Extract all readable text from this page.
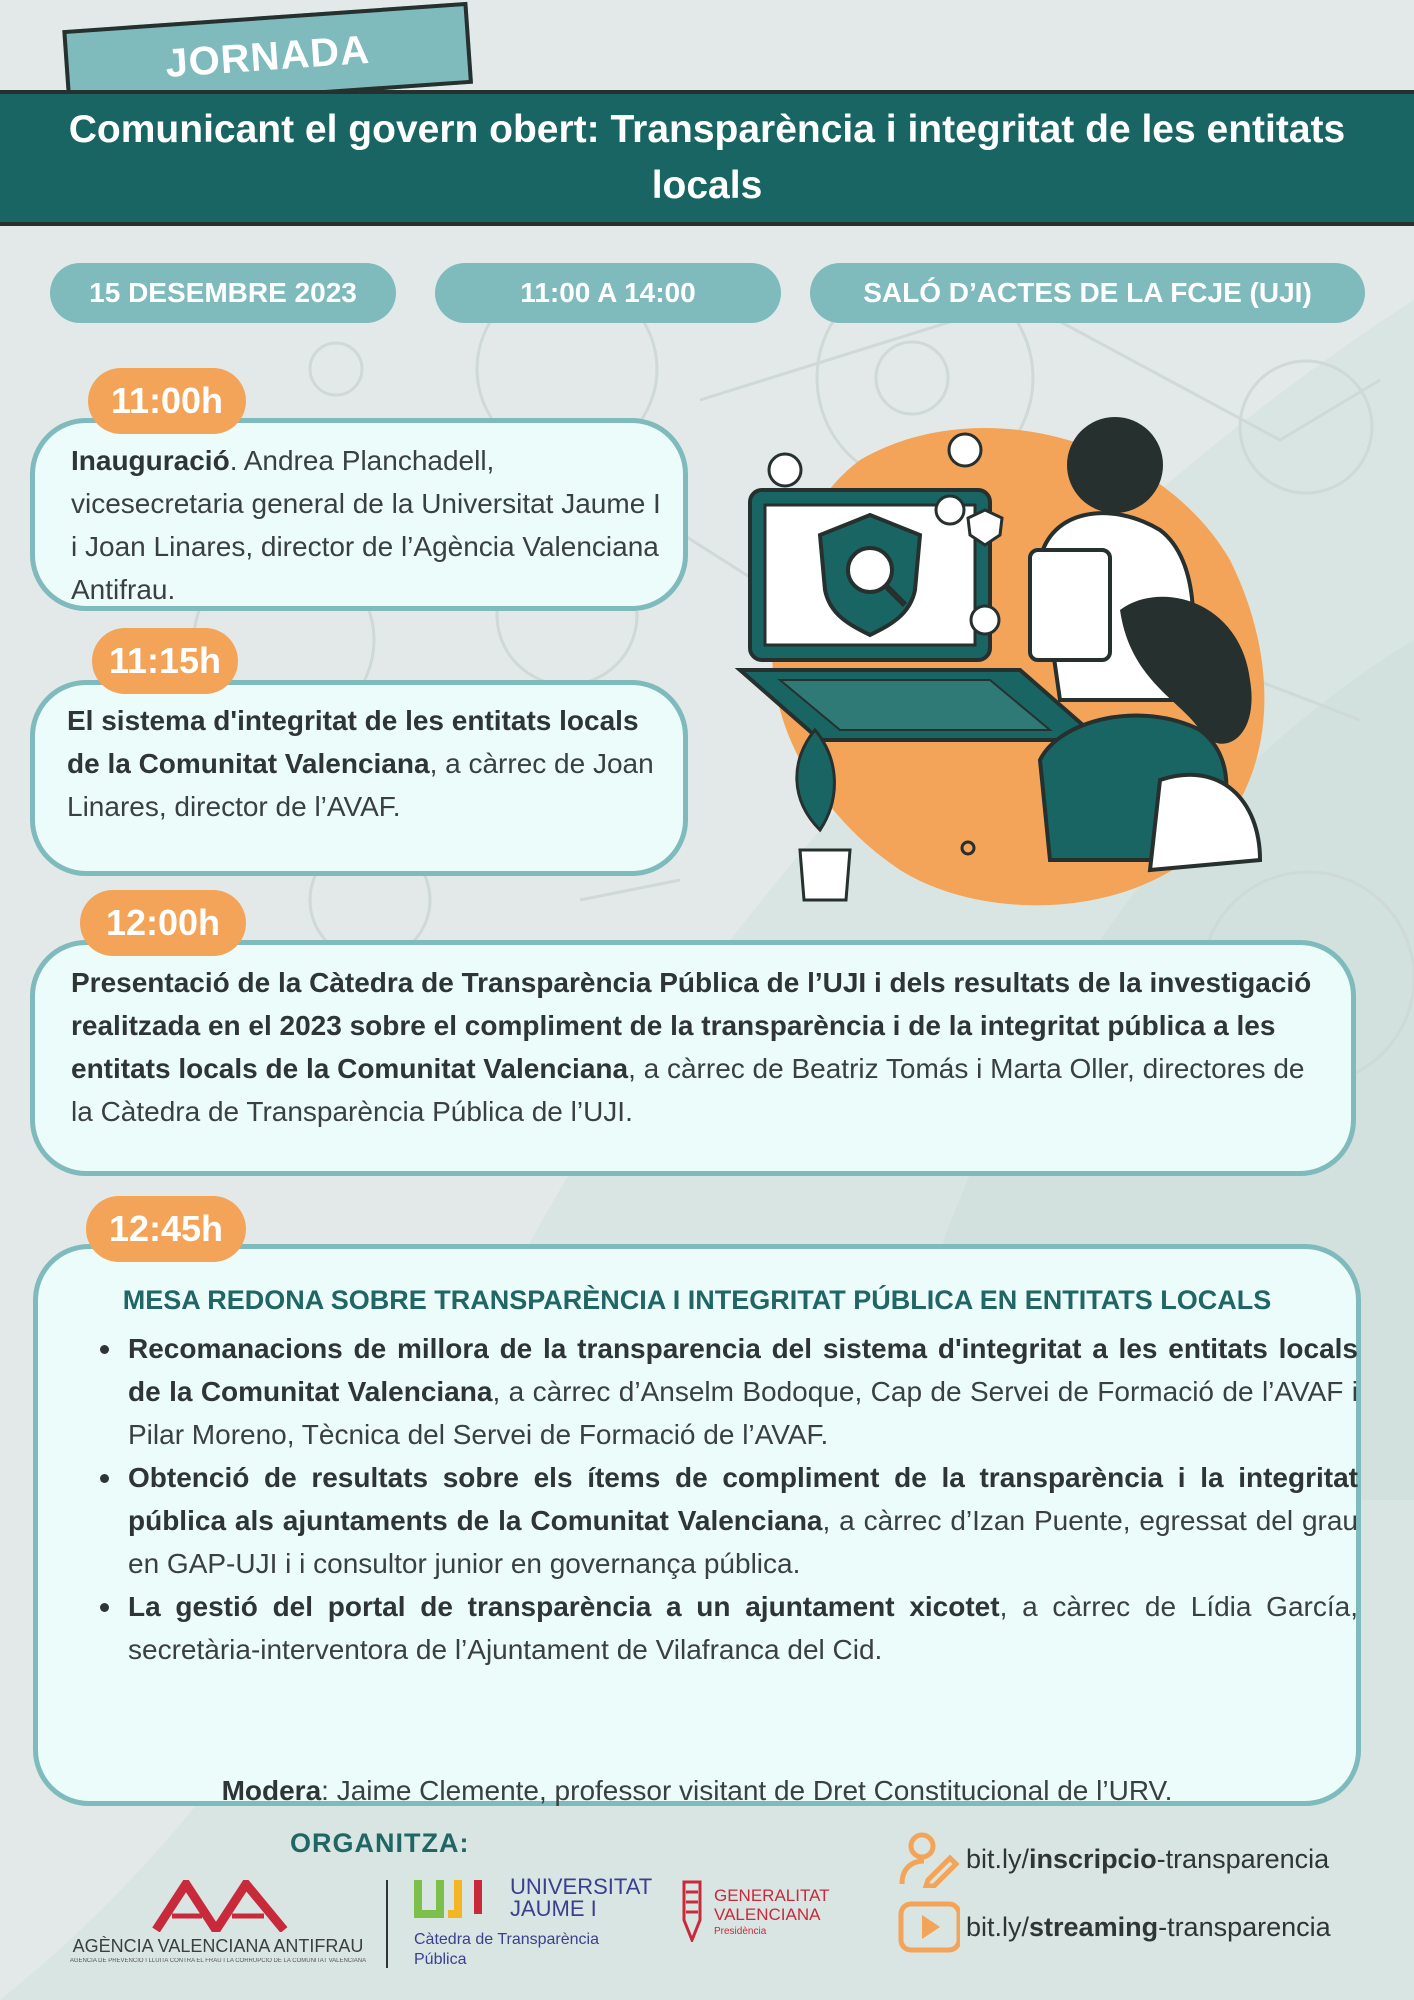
JORNADA
Comunicant el govern obert: Transparència i integritat de les entitats locals
15 DESEMBRE 2023	11:00 A 14:00	SALÓ D’ACTES DE LA FCJE (UJI)
11:00h
Inauguració. Andrea Planchadell, vicesecretaria general de la Universitat Jaume I i Joan Linares, director de l’Agència Valenciana Antifrau.
11:15h
El sistema d'integritat de les entitats locals de la Comunitat Valenciana, a càrrec de Joan Linares, director de l’AVAF.
12:00h
Presentació de la Càtedra de Transparència Pública de l’UJI i dels resultats de la investigació realitzada en el 2023 sobre el compliment de la transparència i de la integritat pública a les entitats locals de la Comunitat Valenciana, a càrrec de Beatriz Tomás i Marta Oller, directores de la Càtedra de Transparència Pública de l’UJI.
12:45h
MESA REDONA SOBRE TRANSPARÈNCIA I INTEGRITAT PÚBLICA EN ENTITATS LOCALS
Recomanacions de millora de la transparencia del sistema d'integritat a les entitats locals de la Comunitat Valenciana, a càrrec d’Anselm Bodoque, Cap de Servei de Formació de l’AVAF i Pilar Moreno, Tècnica del Servei de Formació de l’AVAF.
Obtenció de resultats sobre els ítems de compliment de la transparència i la integritat pública als ajuntaments de la Comunitat Valenciana, a càrrec d’Izan Puente, egressat del grau en GAP-UJI i i consultor junior en governança pública.
La gestió del portal de transparència a un ajuntament xicotet, a càrrec de Lídia García, secretària-interventora de l’Ajuntament de Vilafranca del Cid.
Modera: Jaime Clemente, professor visitant de Dret Constitucional de l’URV.
ORGANITZA:
AGÈNCIA VALENCIANA ANTIFRAU
AGÈNCIA DE PREVENCIÓ I LLUITA CONTRA EL FRAU I LA CORRUPCIÓ DE LA COMUNITAT VALENCIANA
UNIVERSITAT
JAUME I
Càtedra de Transparència
Pública
GENERALITAT
VALENCIANA
Presidència
bit.ly/ inscripcio -transparencia
bit.ly/ streaming -transparencia
